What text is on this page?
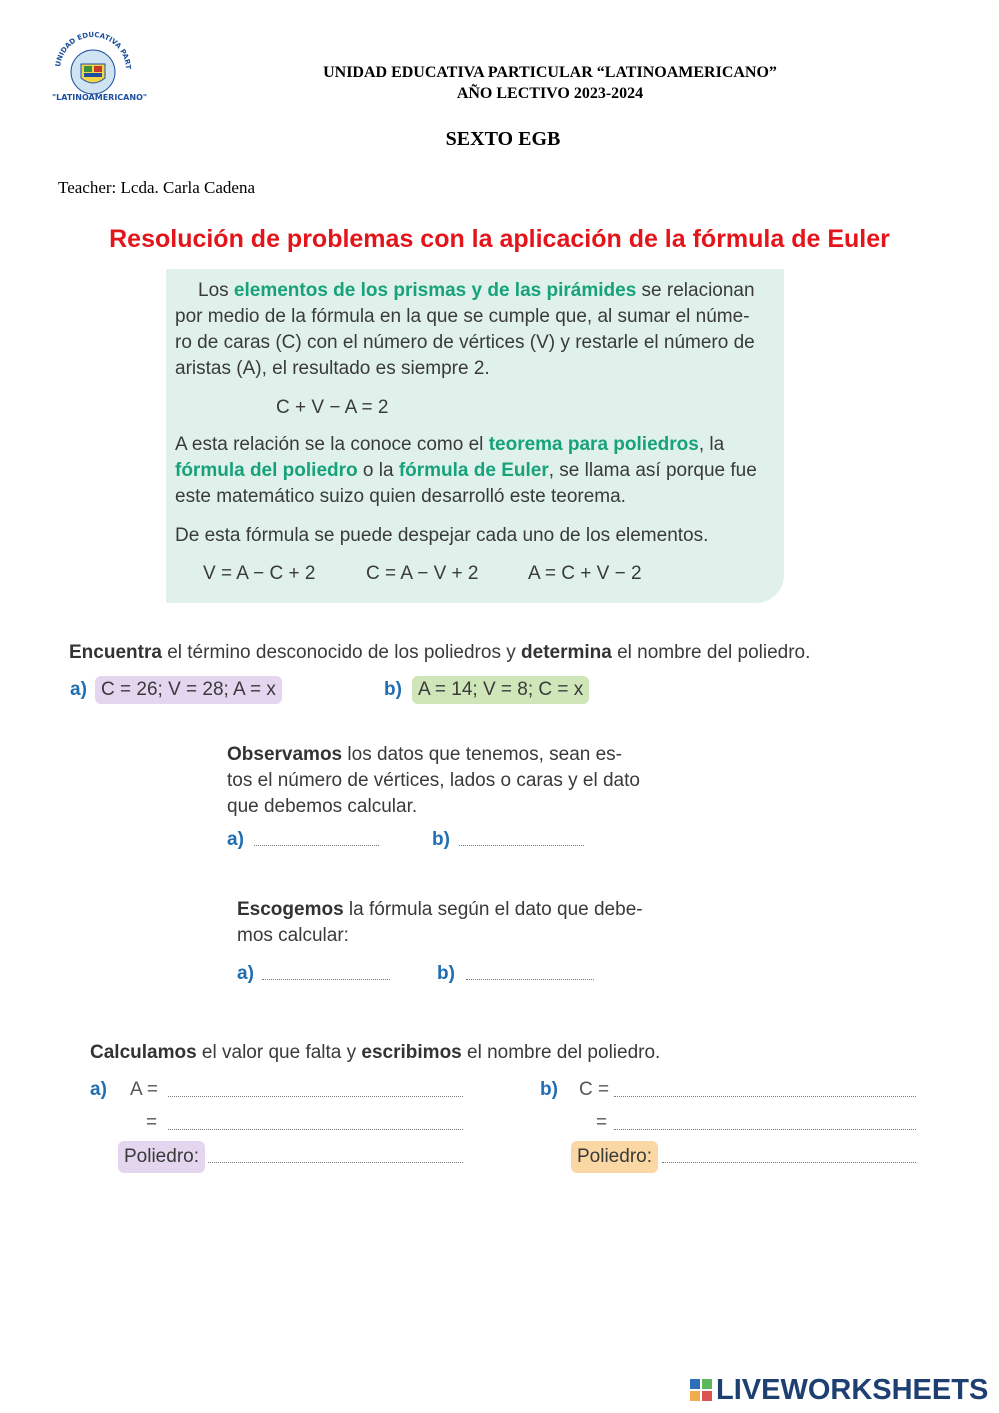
UNIDAD EDUCATIVA PART
"LATINOAMERICANO"
UNIDAD EDUCATIVA PARTICULAR “LATINOAMERICANO”
AÑO LECTIVO 2023-2024
SEXTO EGB
Teacher: Lcda. Carla Cadena
Resolución de problemas con la aplicación de la fórmula de Euler
Los elementos de los prismas y de las pirámides se relacionan
por medio de la fórmula en la que se cumple que, al sumar el núme-
ro de caras (C) con el número de vértices (V) y restarle el número de
aristas (A), el resultado es siempre 2.
C + V − A = 2
A esta relación se la conoce como el teorema para poliedros, la
fórmula del poliedro o la fórmula de Euler, se llama así porque fue
este matemático suizo quien desarrolló este teorema.
De esta fórmula se puede despejar cada uno de los elementos.
V = A − C + 2	C = A − V + 2	A = C + V − 2
Encuentra el término desconocido de los poliedros y determina el nombre del poliedro.
a) C = 26; V = 28; A = x	b) A = 14; V = 8; C = x
Observamos los datos que tenemos, sean es-
tos el número de vértices, lados o caras y el dato
que debemos calcular.
a)	b)
Escogemos la fórmula según el dato que debe-
mos calcular:
a)	b)
Calculamos el valor que falta y escribimos el nombre del poliedro.
a) A =
=
Poliedro:
b) C =
=
Poliedro:
LIVEWORKSHEETS
